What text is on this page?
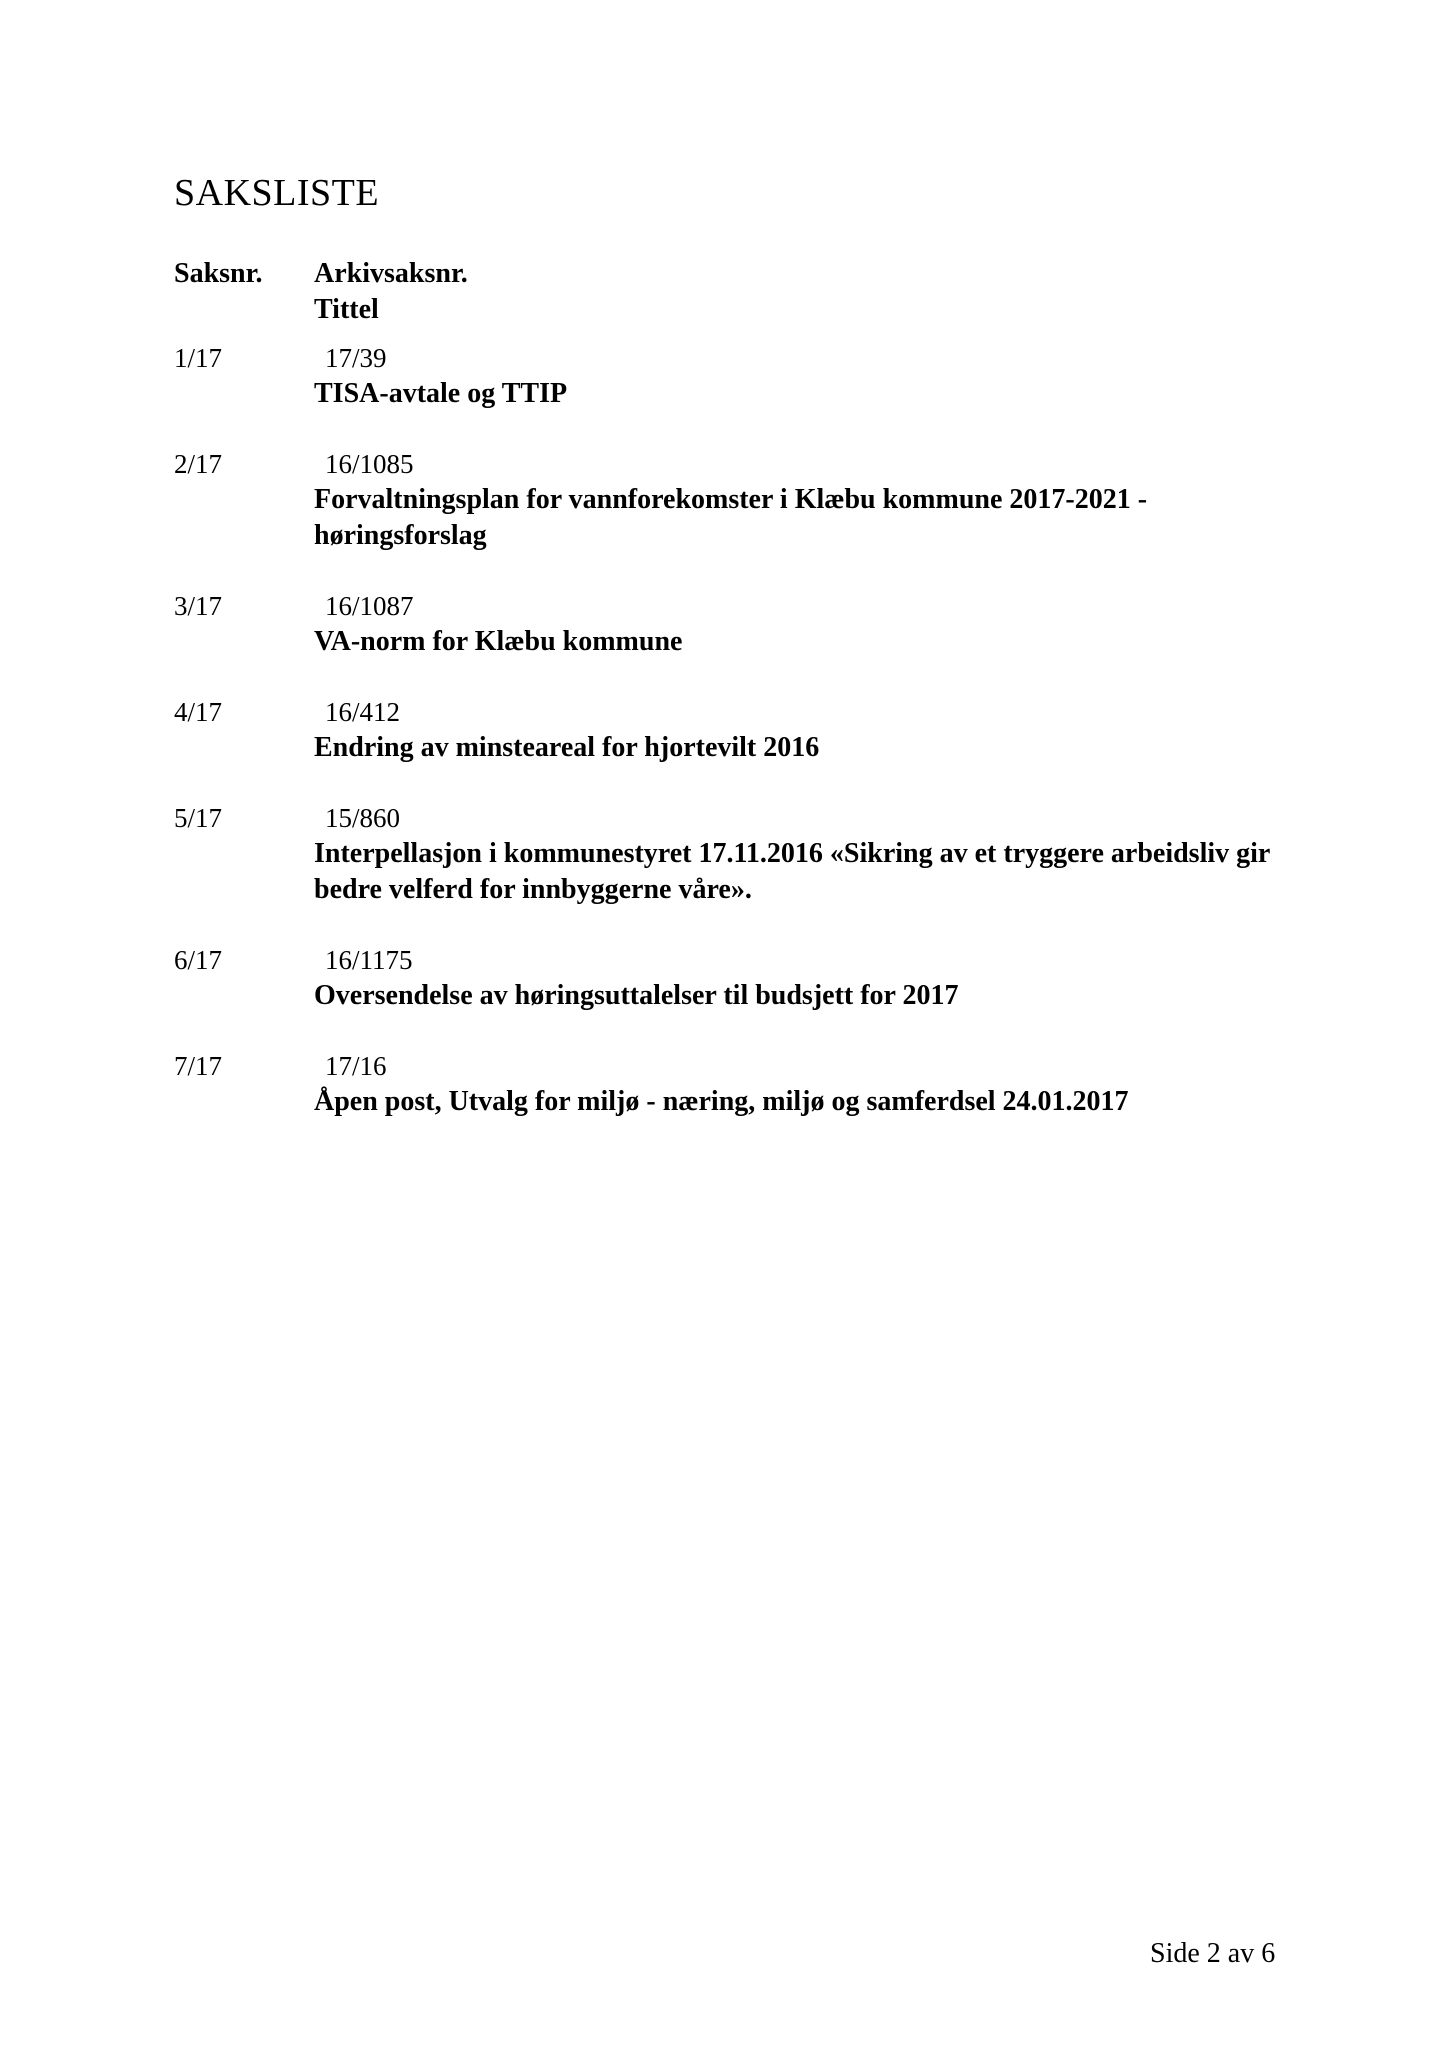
SAKSLISTE
Saksnr. Arkivsaksnr.
Tittel
1/17	17/39
TISA-avtale og TTIP
2/17	16/1085
Forvaltningsplan for vannforekomster i Klæbu kommune 2017-2021 - høringsforslag
3/17	16/1087
VA-norm for Klæbu kommune
4/17	16/412
Endring av minsteareal for hjortevilt 2016
5/17	15/860
Interpellasjon i kommunestyret 17.11.2016 «Sikring av et tryggere arbeidsliv gir bedre velferd for innbyggerne våre».
6/17	16/1175
Oversendelse av høringsuttalelser til budsjett for 2017
7/17	17/16
Åpen post, Utvalg for miljø - næring, miljø og samferdsel 24.01.2017
Side 2 av 6
